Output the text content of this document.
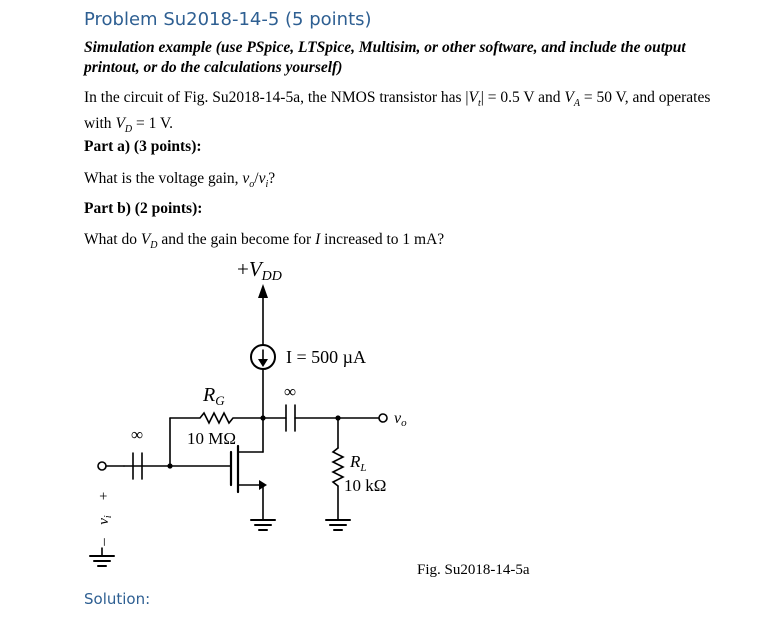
Problem Su2018-14-5 (5 points)

Simulation example (use PSpice, LTSpice, Multisim, or other software, and include the output printout, or do the calculations yourself)

In the circuit of Fig. Su2018-14-5a, the NMOS transistor has $|V_t| = 0.5$ V and $V_A = 50$ V, and operates with $V_D = 1$ V.

Part a) (3 points):

What is the voltage gain, $v_o/v_i$?

Part b) (2 points):

What do $V_D$ and the gain become for I increased to 1 mA?

+VDD
I = 500 µA
∞
∞
$R_G$
10 MΩ
vo
$R_L$
10 kΩ
+
$v_i$
–
Fig. Su2018-14-5a

Solution:
